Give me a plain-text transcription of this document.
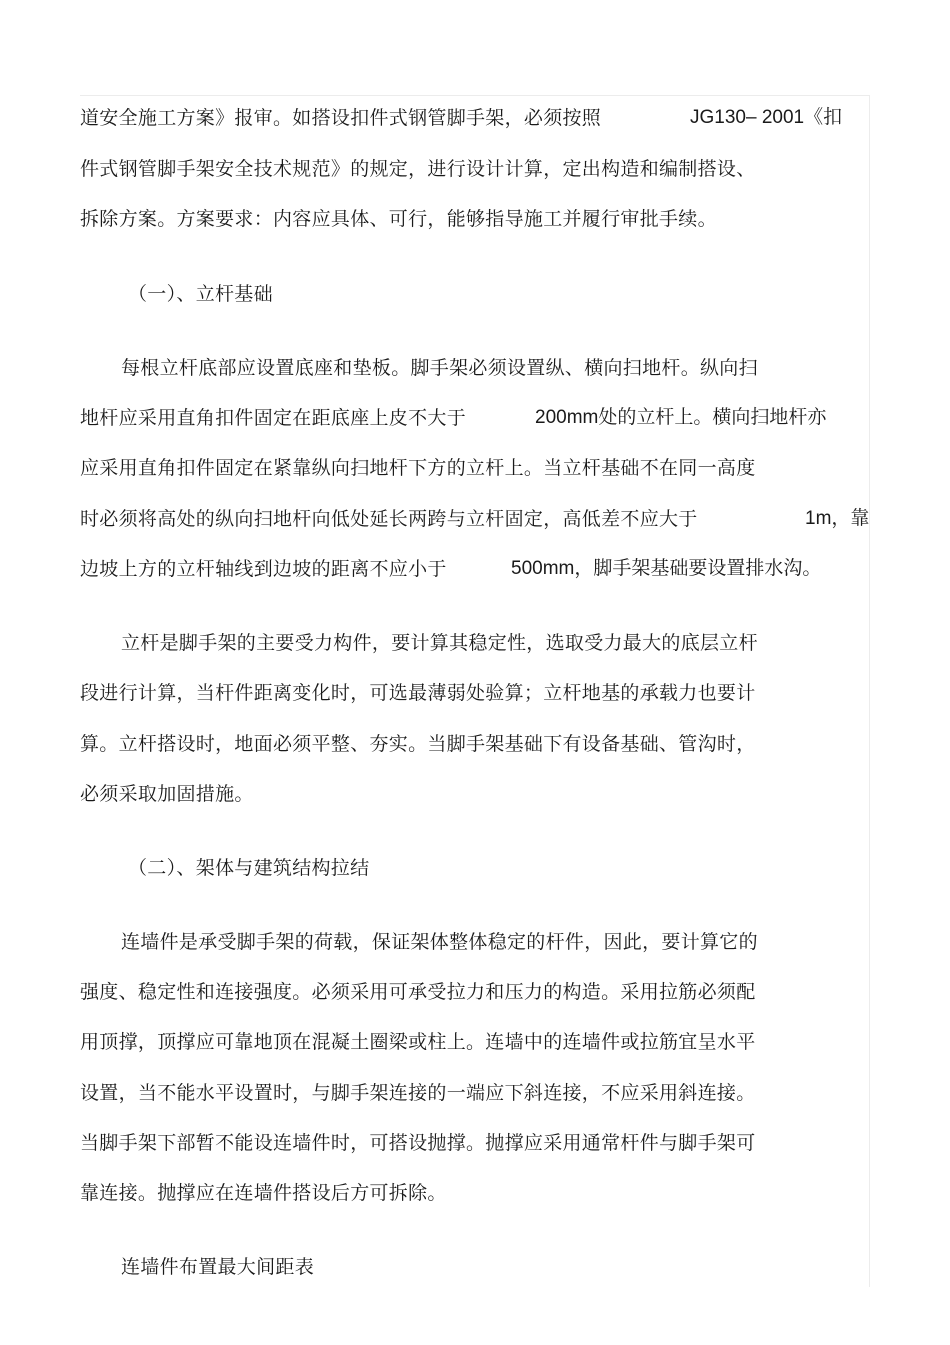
道安全施工方案》报审。如搭设扣件式钢管脚手架，必须按照	JG130– 2001《扣
件式钢管脚手架安全技术规范》的规定，进行设计计算，定出构造和编制搭设、
拆除方案。方案要求：内容应具体、可行，能够指导施工并履行审批手续。
（一）、立杆基础
每根立杆底部应设置底座和垫板。脚手架必须设置纵、横向扫地杆。纵向扫
地杆应采用直角扣件固定在距底座上皮不大于	200mm处的立杆上。横向扫地杆亦
应采用直角扣件固定在紧靠纵向扫地杆下方的立杆上。当立杆基础不在同一高度
时必须将高处的纵向扫地杆向低处延长两跨与立杆固定，高低差不应大于	1m，靠
边坡上方的立杆轴线到边坡的距离不应小于	500mm，脚手架基础要设置排水沟。
立杆是脚手架的主要受力构件，要计算其稳定性，选取受力最大的底层立杆
段进行计算，当杆件距离变化时，可选最薄弱处验算；立杆地基的承载力也要计
算。立杆搭设时，地面必须平整、夯实。当脚手架基础下有设备基础、管沟时，
必须采取加固措施。
（二）、架体与建筑结构拉结
连墙件是承受脚手架的荷载，保证架体整体稳定的杆件，因此，要计算它的
强度、稳定性和连接强度。必须采用可承受拉力和压力的构造。采用拉筋必须配
用顶撑，顶撑应可靠地顶在混凝土圈梁或柱上。连墙中的连墙件或拉筋宜呈水平
设置，当不能水平设置时，与脚手架连接的一端应下斜连接，不应采用斜连接。
当脚手架下部暂不能设连墙件时，可搭设抛撑。抛撑应采用通常杆件与脚手架可
靠连接。抛撑应在连墙件搭设后方可拆除。
连墙件布置最大间距表
